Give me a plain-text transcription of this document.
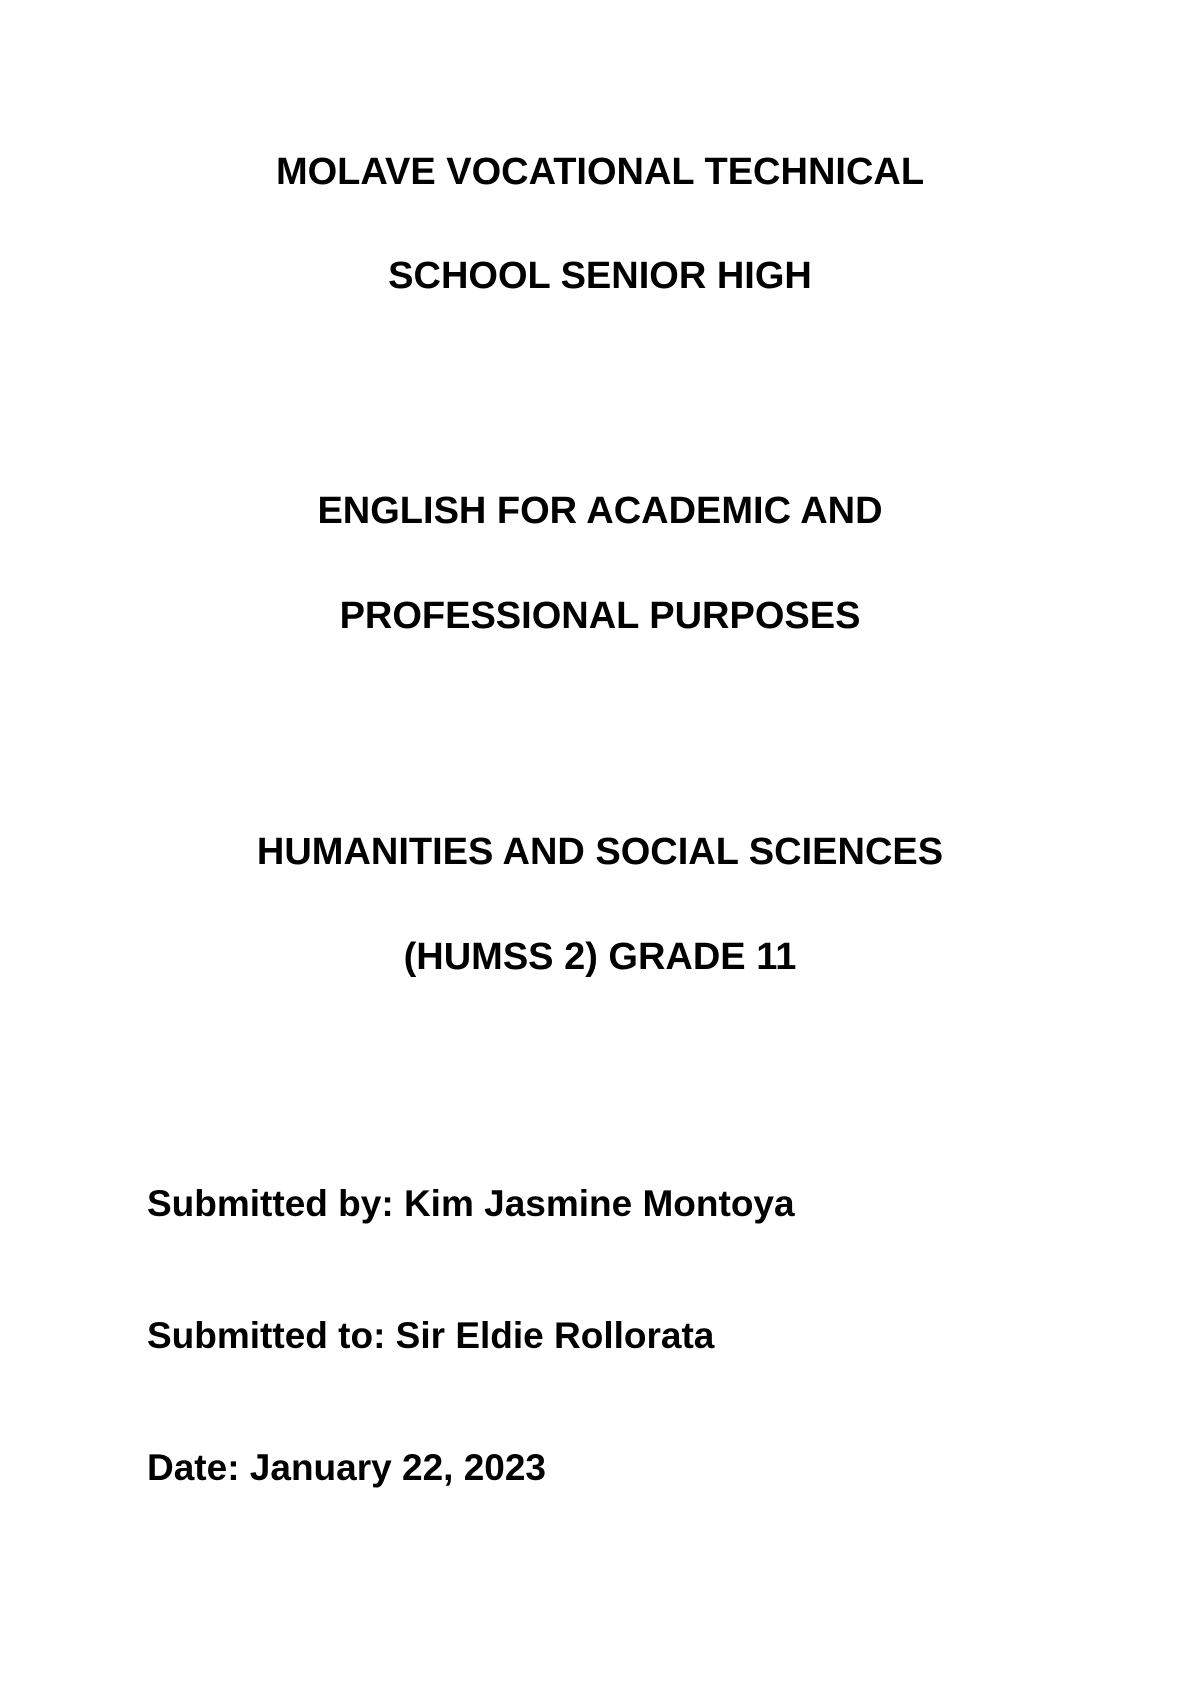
MOLAVE VOCATIONAL TECHNICAL
SCHOOL SENIOR HIGH
ENGLISH FOR ACADEMIC AND
PROFESSIONAL PURPOSES
HUMANITIES AND SOCIAL SCIENCES
(HUMSS 2) GRADE 11
Submitted by: Kim Jasmine Montoya
Submitted to: Sir Eldie Rollorata
Date: January 22, 2023
